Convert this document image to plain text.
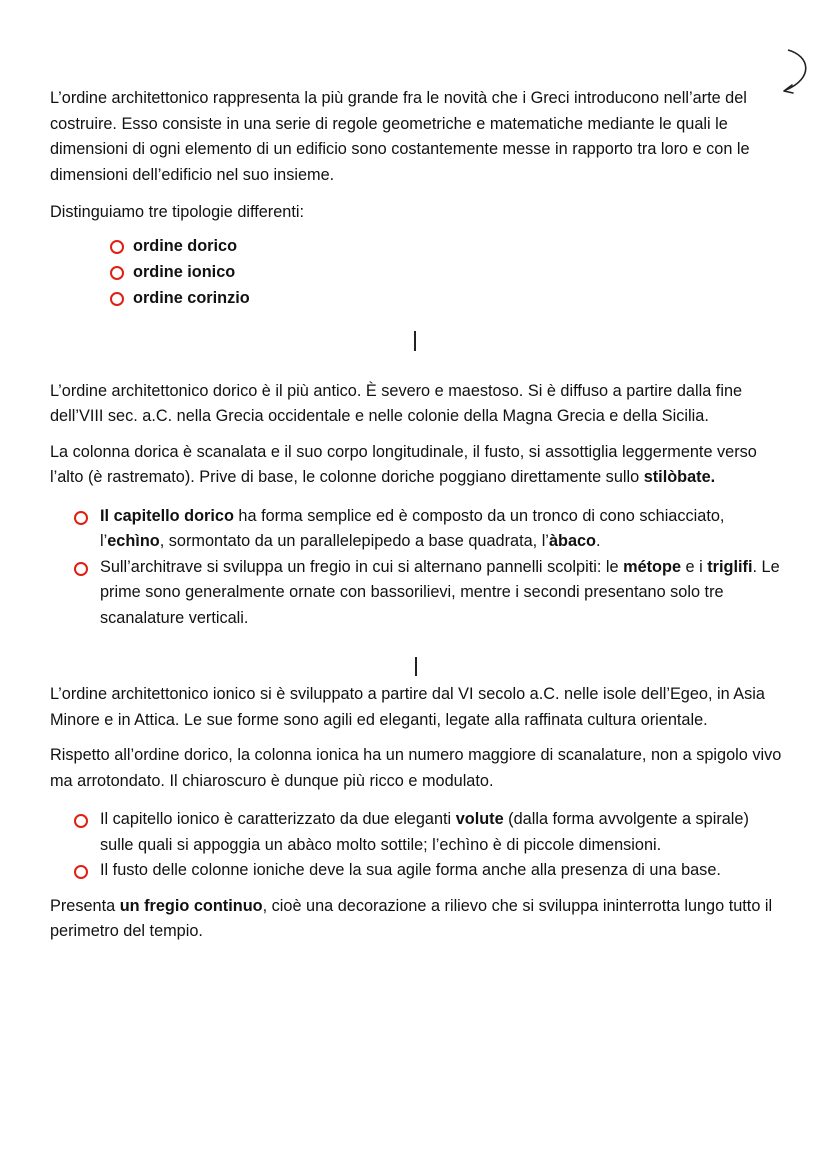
L’ordine architettonico rappresenta la più grande fra le novità che i Greci introducono nell’arte del costruire. Esso consiste in una serie di regole geometriche e matematiche mediante le quali le dimensioni di ogni elemento di un edificio sono costantemente messe in rapporto tra loro e con le dimensioni dell’edificio nel suo insieme.

Distinguiamo tre tipologie differenti:

ordine dorico
ordine ionico
ordine corinzio

L’ordine architettonico dorico è il più antico. È severo e maestoso. Si è diffuso a partire dalla fine dell’VIII sec. a.C. nella Grecia occidentale e nelle colonie della Magna Grecia e della Sicilia.

La colonna dorica è scanalata e il suo corpo longitudinale, il fusto, si assottiglia leggermente verso l’alto (è rastremato). Prive di base, le colonne doriche poggiano direttamente sullo stilòbate.

Il capitello dorico ha forma semplice ed è composto da un tronco di cono schiacciato, l’echìno, sormontato da un parallelepipedo a base quadrata, l’àbaco.
Sull’architrave si sviluppa un fregio in cui si alternano pannelli scolpiti: le métope e i triglifi. Le prime sono generalmente ornate con bassorilievi, mentre i secondi presentano solo tre scanalature verticali.

L’ordine architettonico ionico si è sviluppato a partire dal VI secolo a.C. nelle isole dell’Egeo, in Asia Minore e in Attica. Le sue forme sono agili ed eleganti, legate alla raffinata cultura orientale.

Rispetto all’ordine dorico, la colonna ionica ha un numero maggiore di scanalature, non a spigolo vivo ma arrotondato. Il chiaroscuro è dunque più ricco e modulato.

Il capitello ionico è caratterizzato da due eleganti volute (dalla forma avvolgente a spirale) sulle quali si appoggia un abàco molto sottile; l’echìno è di piccole dimensioni.
Il fusto delle colonne ioniche deve la sua agile forma anche alla presenza di una base.

Presenta un fregio continuo, cioè una decorazione a rilievo che si sviluppa ininterrotta lungo tutto il perimetro del tempio.
